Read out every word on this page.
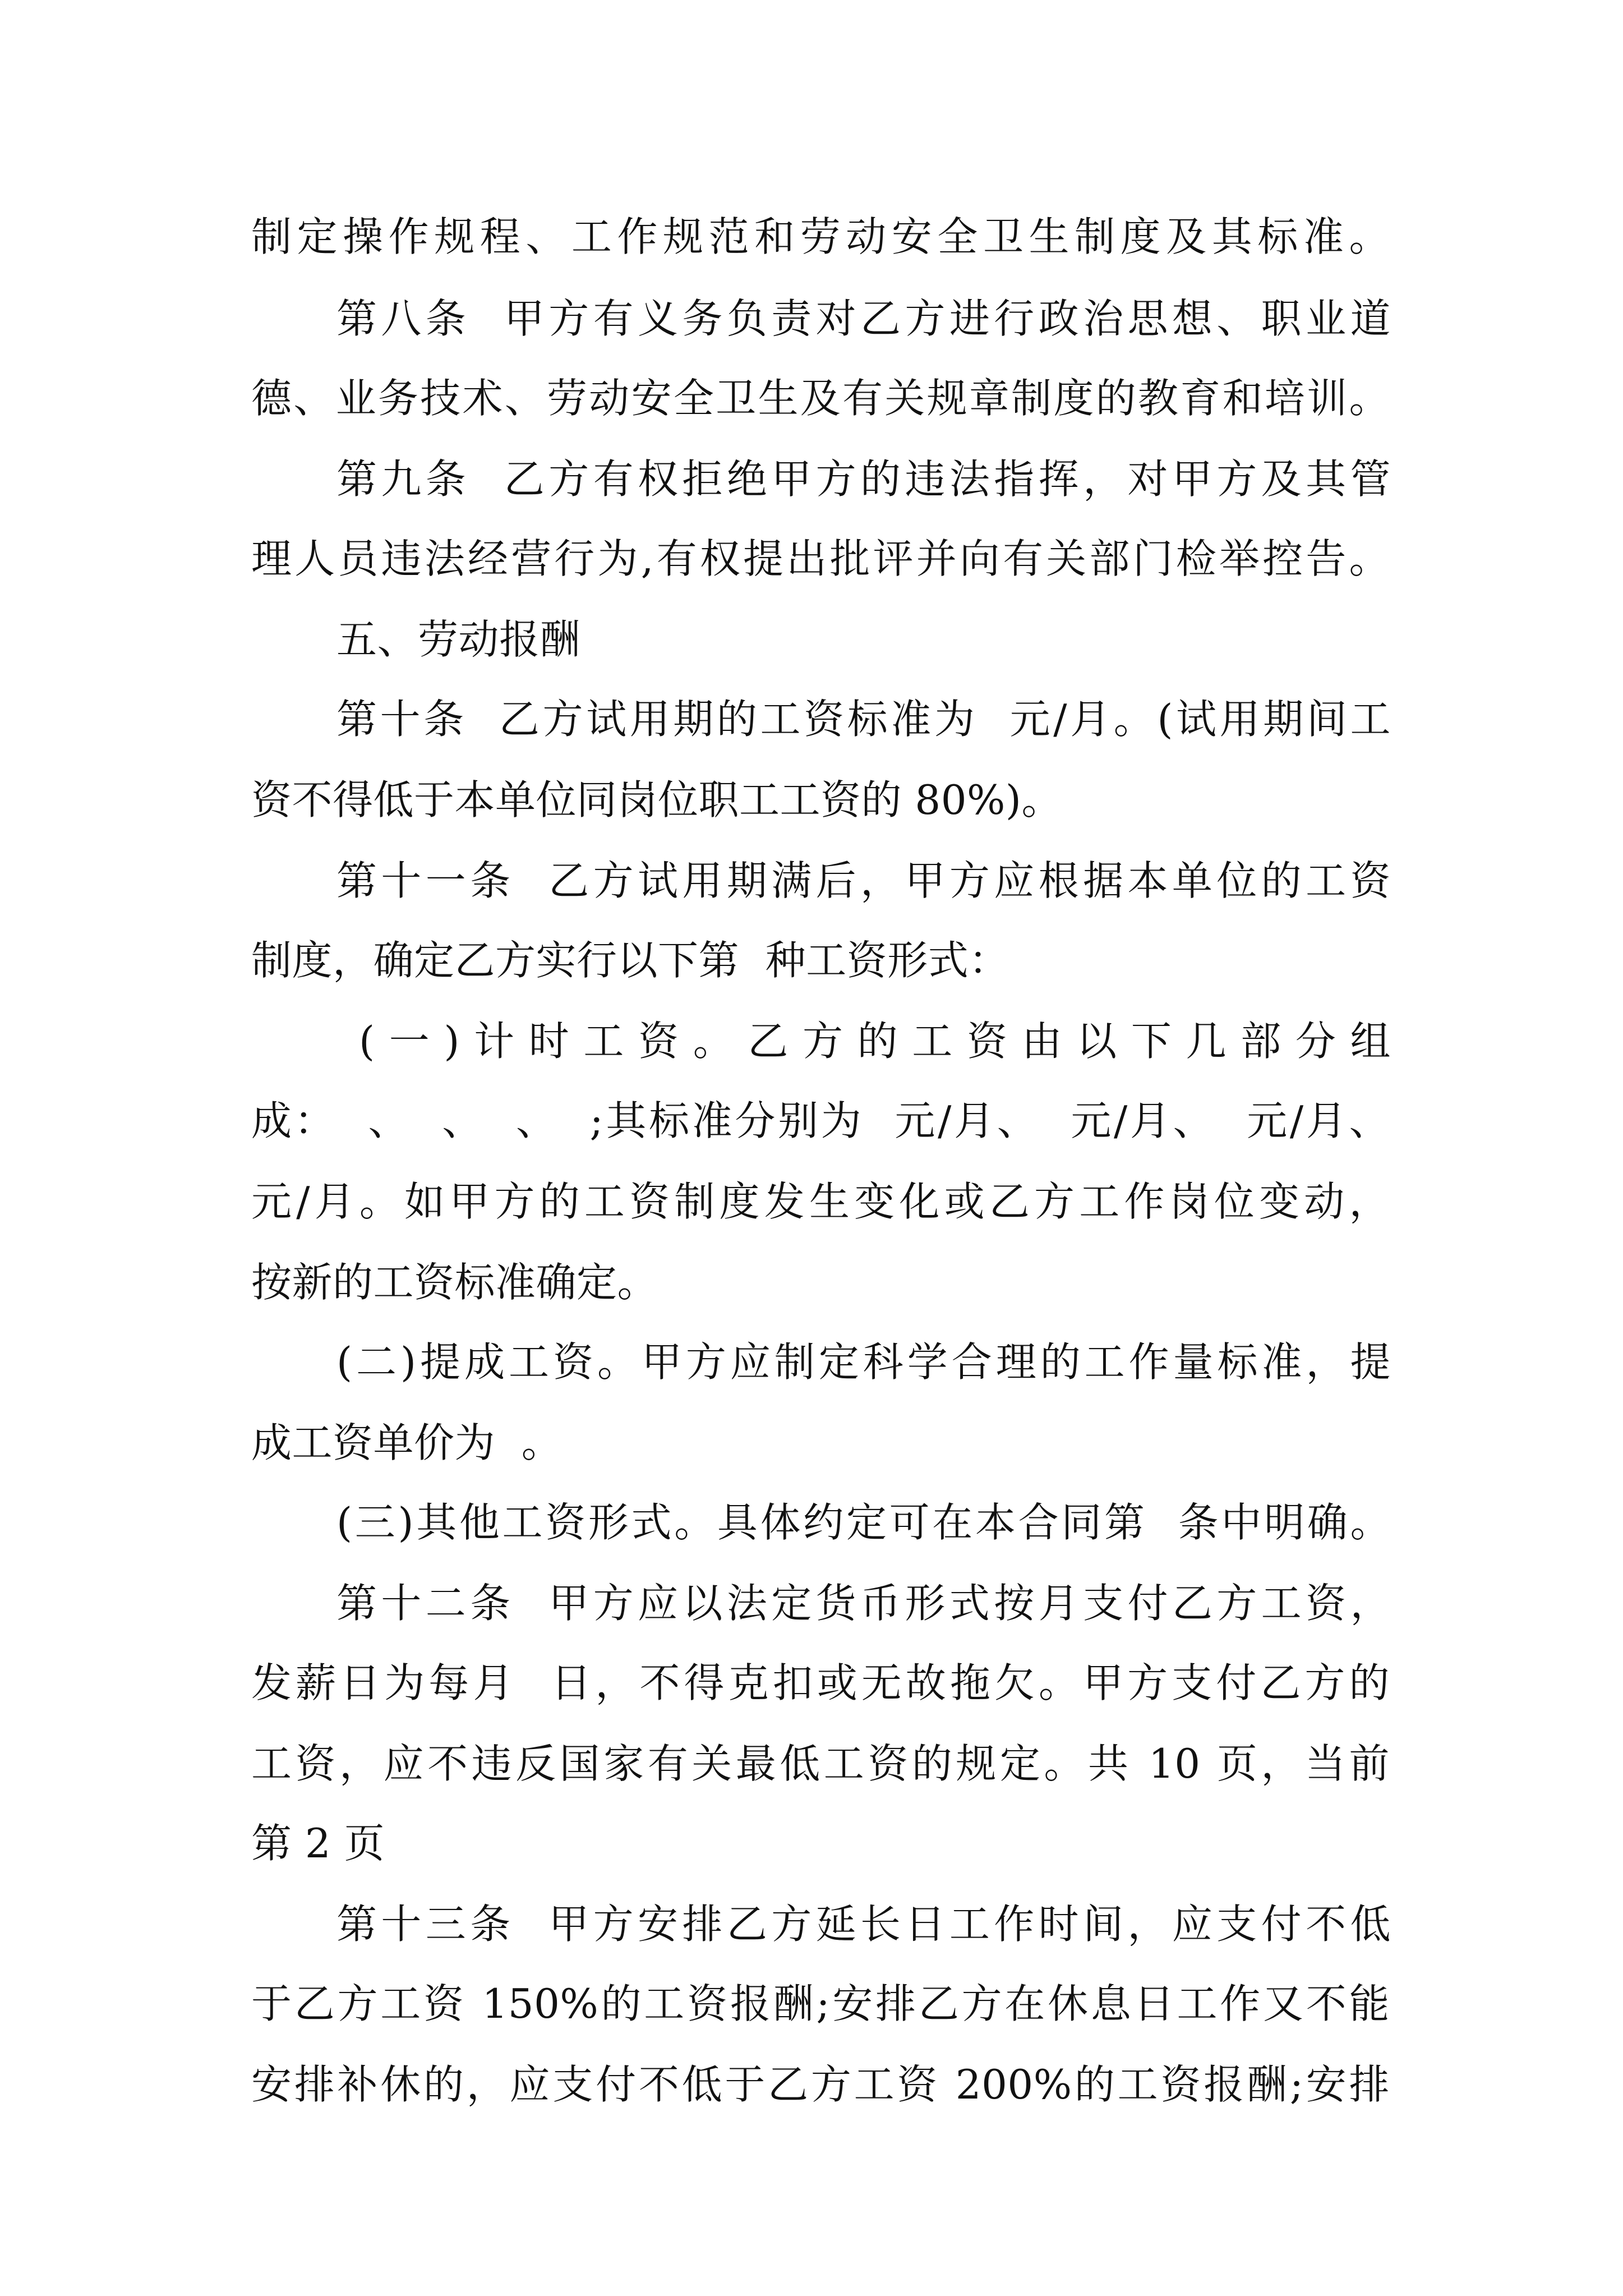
制定操作规程、工作规范和劳动安全卫生制度及其标准。
第八条  甲方有义务负责对乙方进行政治思想、职业道
德、业务技术、劳动安全卫生及有关规章制度的教育和培训。
第九条  乙方有权拒绝甲方的违法指挥，对甲方及其管
理人员违法经营行为,有权提出批评并向有关部门检举控告。
五、劳动报酬
第十条  乙方试用期的工资标准为  元/月。(试用期间工
资不得低于本单位同岗位职工工资的 80%)。
第十一条  乙方试用期满后，甲方应根据本单位的工资
制度，确定乙方实行以下第  种工资形式：
(一)计时工资。乙方的工资由以下几部分组
成：  、  、  、  ;其标准分别为  元/月、  元/月、  元/月、
元/月。如甲方的工资制度发生变化或乙方工作岗位变动，
按新的工资标准确定。
(二)提成工资。甲方应制定科学合理的工作量标准，提
成工资单价为  。
(三)其他工资形式。具体约定可在本合同第  条中明确。
第十二条  甲方应以法定货币形式按月支付乙方工资，
发薪日为每月  日，不得克扣或无故拖欠。甲方支付乙方的
工资，应不违反国家有关最低工资的规定。共 10 页，当前
第 2 页
第十三条  甲方安排乙方延长日工作时间，应支付不低
于乙方工资 150%的工资报酬;安排乙方在休息日工作又不能
安排补休的，应支付不低于乙方工资 200%的工资报酬;安排
